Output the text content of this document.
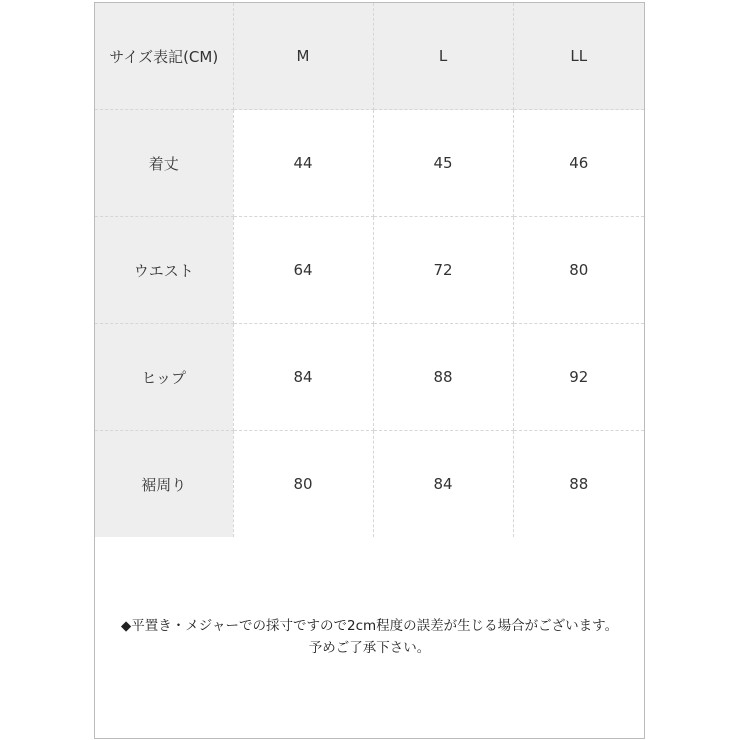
サイズ表記(CM)	M	L	LL
着丈	44	45	46
ウエスト	64	72	80
ヒップ	84	88	92
裾周り	80	84	88
◆平置き・メジャーでの採寸ですので2cm程度の誤差が生じる場合がございます。
予めご了承下さい。
